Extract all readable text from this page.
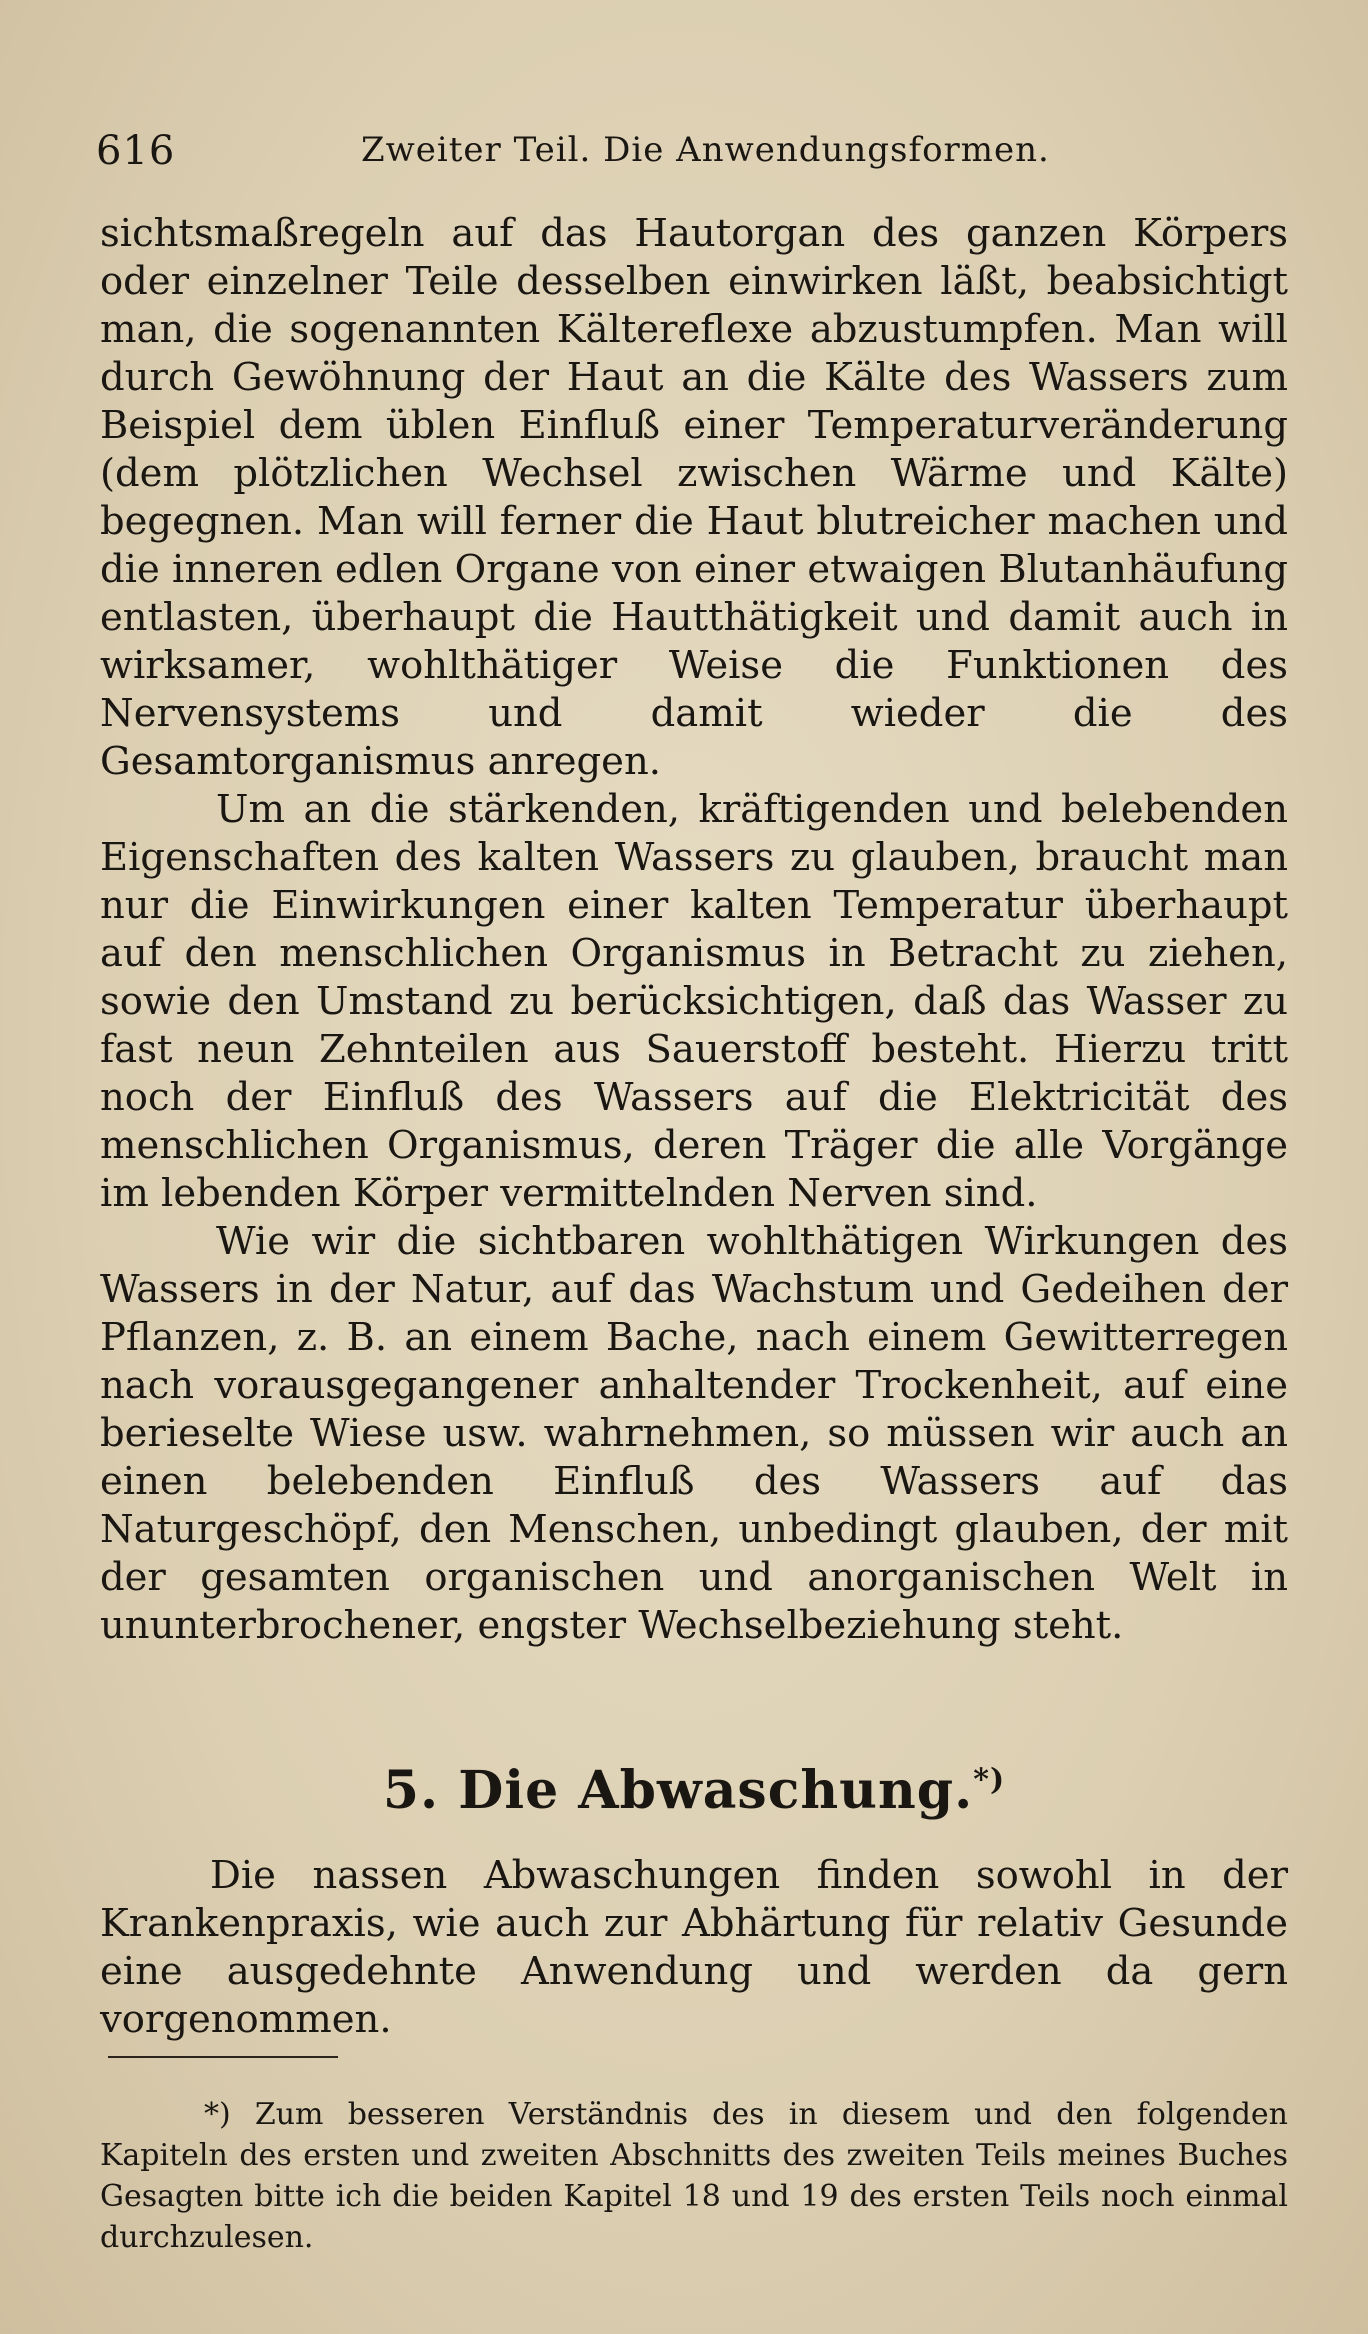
616	Zweiter Teil. Die Anwendungsformen.

sichtsmaßregeln auf das Hautorgan des ganzen Körpers oder einzelner Teile desselben einwirken läßt, beabsichtigt man, die sogenannten Kältereflexe abzustumpfen. Man will durch Gewöhnung der Haut an die Kälte des Wassers zum Beispiel dem üblen Einfluß einer Temperaturveränderung (dem plötzlichen Wechsel zwischen Wärme und Kälte) begegnen. Man will ferner die Haut blutreicher machen und die inneren edlen Organe von einer etwaigen Blutanhäufung entlasten, überhaupt die Hautthätigkeit und damit auch in wirksamer, wohlthätiger Weise die Funktionen des Nervensystems und damit wieder die des Gesamtorganismus anregen.

Um an die stärkenden, kräftigenden und belebenden Eigenschaften des kalten Wassers zu glauben, braucht man nur die Einwirkungen einer kalten Temperatur überhaupt auf den menschlichen Organismus in Betracht zu ziehen, sowie den Umstand zu berücksichtigen, daß das Wasser zu fast neun Zehnteilen aus Sauerstoff besteht. Hierzu tritt noch der Einfluß des Wassers auf die Elektricität des menschlichen Organismus, deren Träger die alle Vorgänge im lebenden Körper vermittelnden Nerven sind.

Wie wir die sichtbaren wohlthätigen Wirkungen des Wassers in der Natur, auf das Wachstum und Gedeihen der Pflanzen, z. B. an einem Bache, nach einem Gewitterregen nach vorausgegangener anhaltender Trockenheit, auf eine berieselte Wiese usw. wahrnehmen, so müssen wir auch an einen belebenden Einfluß des Wassers auf das Naturgeschöpf, den Menschen, unbedingt glauben, der mit der gesamten organischen und anorganischen Welt in ununterbrochener, engster Wechselbeziehung steht.

5. Die Abwaschung.*)

Die nassen Abwaschungen finden sowohl in der Krankenpraxis, wie auch zur Abhärtung für relativ Gesunde eine ausgedehnte Anwendung und werden da gern vorgenommen.

*) Zum besseren Verständnis des in diesem und den folgenden Kapiteln des ersten und zweiten Abschnitts des zweiten Teils meines Buches Gesagten bitte ich die beiden Kapitel 18 und 19 des ersten Teils noch einmal durchzulesen.
